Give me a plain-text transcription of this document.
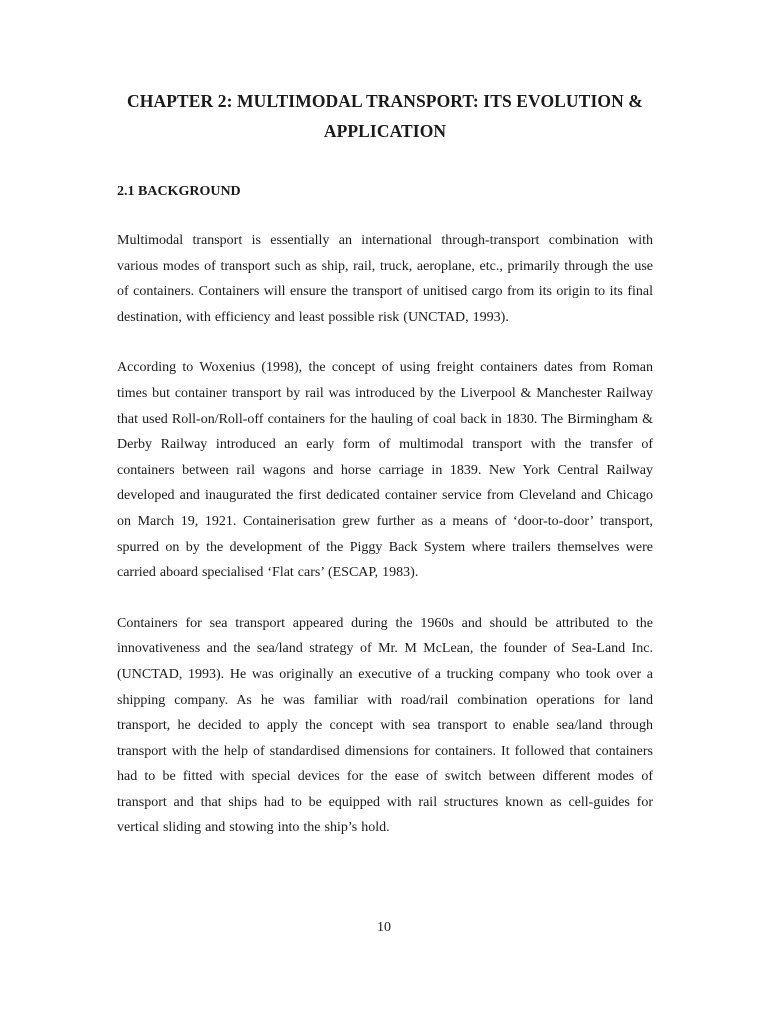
CHAPTER 2: MULTIMODAL TRANSPORT: ITS EVOLUTION & APPLICATION
2.1 BACKGROUND

Multimodal transport is essentially an international through-transport combination with various modes of transport such as ship, rail, truck, aeroplane, etc., primarily through the use of containers. Containers will ensure the transport of unitised cargo from its origin to its final destination, with efficiency and least possible risk (UNCTAD, 1993).

According to Woxenius (1998), the concept of using freight containers dates from Roman times but container transport by rail was introduced by the Liverpool & Manchester Railway that used Roll-on/Roll-off containers for the hauling of coal back in 1830. The Birmingham & Derby Railway introduced an early form of multimodal transport with the transfer of containers between rail wagons and horse carriage in 1839. New York Central Railway developed and inaugurated the first dedicated container service from Cleveland and Chicago on March 19, 1921. Containerisation grew further as a means of ‘door-to-door’ transport, spurred on by the development of the Piggy Back System where trailers themselves were carried aboard specialised ‘Flat cars’ (ESCAP, 1983).

Containers for sea transport appeared during the 1960s and should be attributed to the innovativeness and the sea/land strategy of Mr. M McLean, the founder of Sea-Land Inc. (UNCTAD, 1993). He was originally an executive of a trucking company who took over a shipping company. As he was familiar with road/rail combination operations for land transport, he decided to apply the concept with sea transport to enable sea/land through transport with the help of standardised dimensions for containers. It followed that containers had to be fitted with special devices for the ease of switch between different modes of transport and that ships had to be equipped with rail structures known as cell-guides for vertical sliding and stowing into the ship’s hold.

10
